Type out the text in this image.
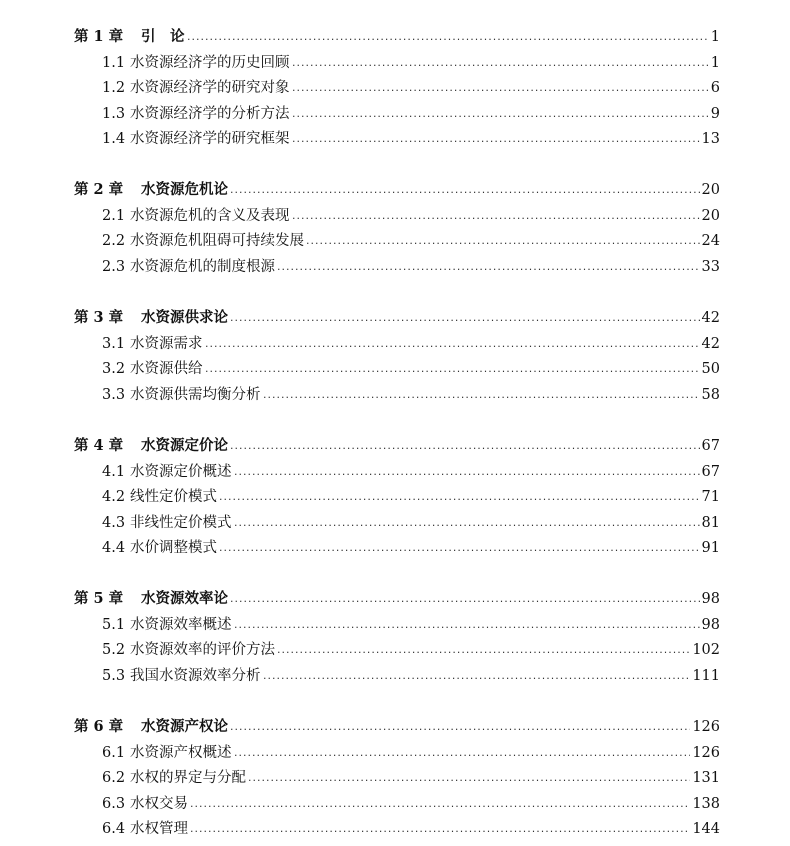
第 1 章 引　论 .....	1
1.1 水资源经济学的历史回顾 .....	1
1.2 水资源经济学的研究对象 .....	6
1.3 水资源经济学的分析方法 .....	9
1.4 水资源经济学的研究框架 .....	13
第 2 章 水资源危机论 .....	20
2.1 水资源危机的含义及表现 .....	20
2.2 水资源危机阻碍可持续发展 .....	24
2.3 水资源危机的制度根源 .....	33
第 3 章 水资源供求论 .....	42
3.1 水资源需求 .....	42
3.2 水资源供给 .....	50
3.3 水资源供需均衡分析 .....	58
第 4 章 水资源定价论 .....	67
4.1 水资源定价概述 .....	67
4.2 线性定价模式 .....	71
4.3 非线性定价模式 .....	81
4.4 水价调整模式 .....	91
第 5 章 水资源效率论 .....	98
5.1 水资源效率概述 .....	98
5.2 水资源效率的评价方法 .....	102
5.3 我国水资源效率分析 .....	111
第 6 章 水资源产权论 .....	126
6.1 水资源产权概述 .....	126
6.2 水权的界定与分配 .....	131
6.3 水权交易 .....	138
6.4 水权管理 .....	144
